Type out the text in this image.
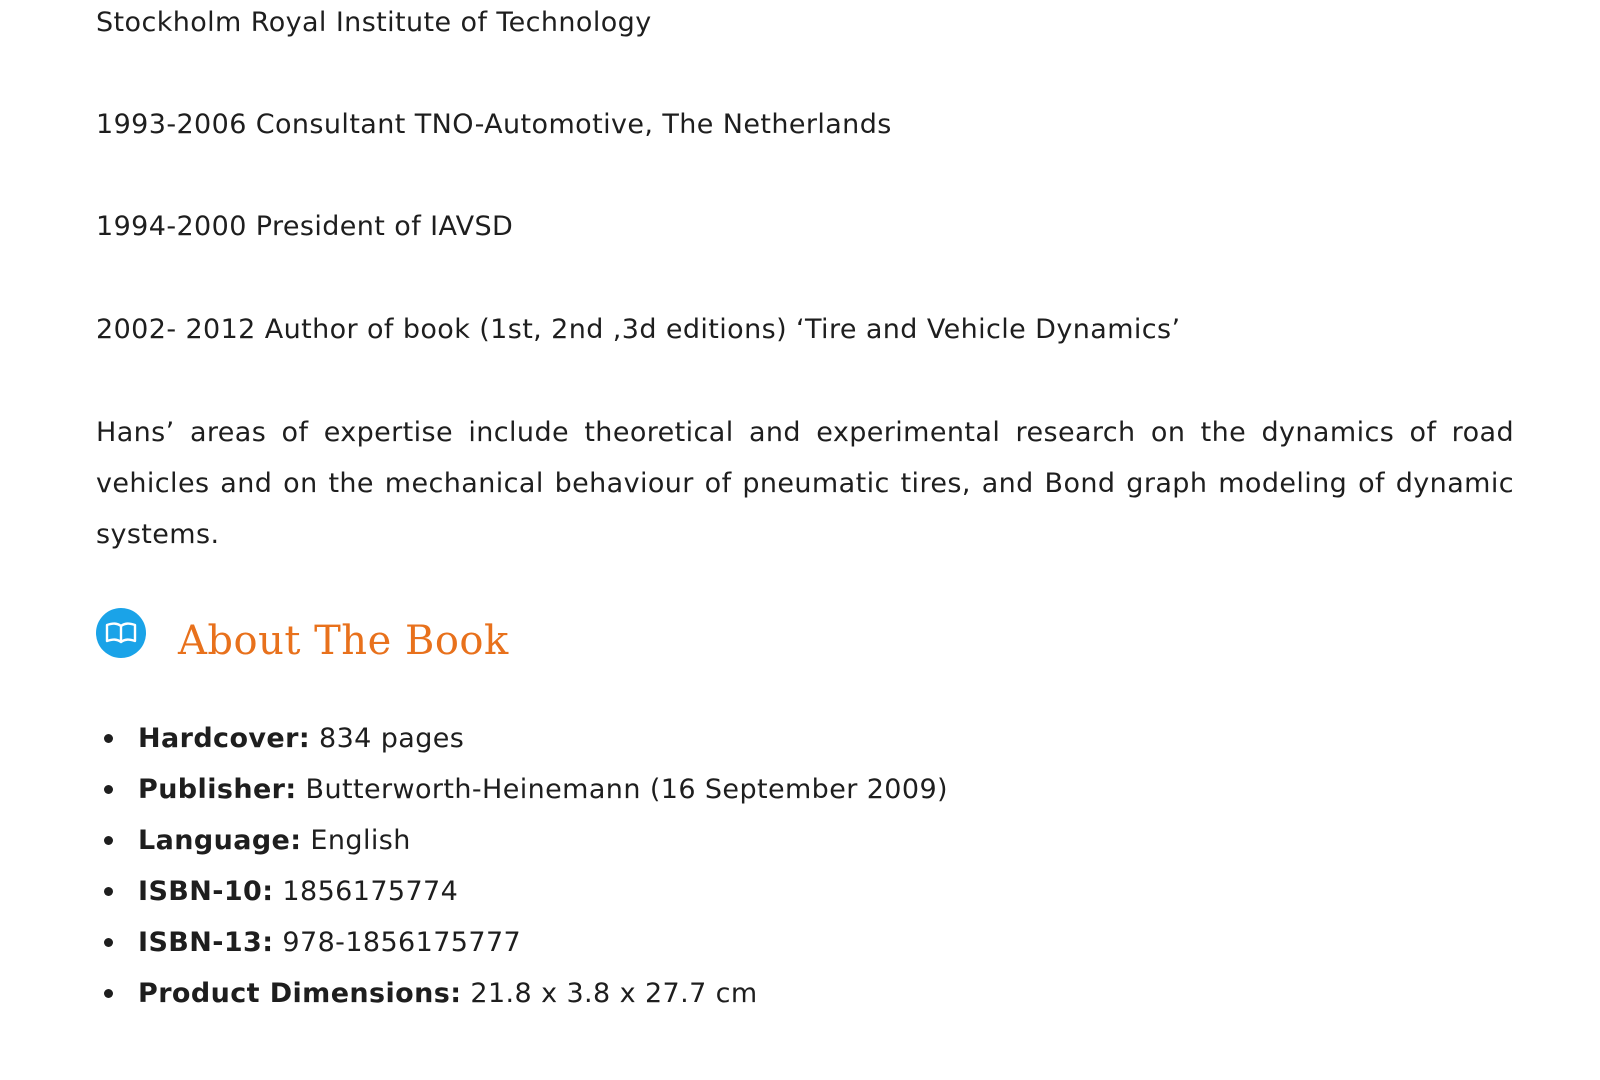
Stockholm Royal Institute of Technology

1993-2006 Consultant TNO-Automotive, The Netherlands

1994-2000 President of IAVSD

2002- 2012 Author of book (1st, 2nd ,3d editions) ‘Tire and Vehicle Dynamics’

Hans’ areas of expertise include theoretical and experimental research on the dynamics of road vehicles and on the mechanical behaviour of pneumatic tires, and Bond graph modeling of dynamic systems.

About The Book
Hardcover: 834 pages
Publisher: Butterworth-Heinemann (16 September 2009)
Language: English
ISBN-10: 1856175774
ISBN-13: 978-1856175777
Product Dimensions: 21.8 x 3.8 x 27.7 cm
